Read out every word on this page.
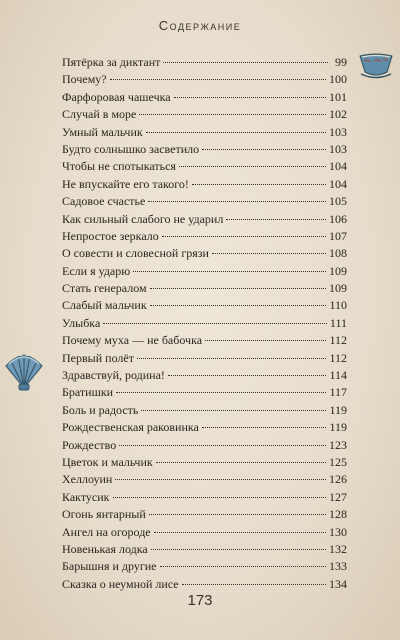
Содержание
Пятёрка за диктант	99
Почему?	100
Фарфоровая чашечка	101
Случай в море	102
Умный мальчик	103
Будто солнышко засветило	103
Чтобы не спотыкаться	104
Не впускайте его такого!	104
Садовое счастье	105
Как сильный слабого не ударил	106
Непростое зеркало	107
О совести и словесной грязи	108
Если я ударю	109
Стать генералом	109
Слабый мальчик	110
Улыбка	111
Почему муха — не бабочка	112
Первый полёт	112
Здравствуй, родина!	114
Братишки	117
Боль и радость	119
Рождественская раковинка	119
Рождество	123
Цветок и мальчик	125
Хеллоуин	126
Кактусик	127
Огонь янтарный	128
Ангел на огороде	130
Новенькая лодка	132
Барышня и другие	133
Сказка о неумной лисе	134
173
